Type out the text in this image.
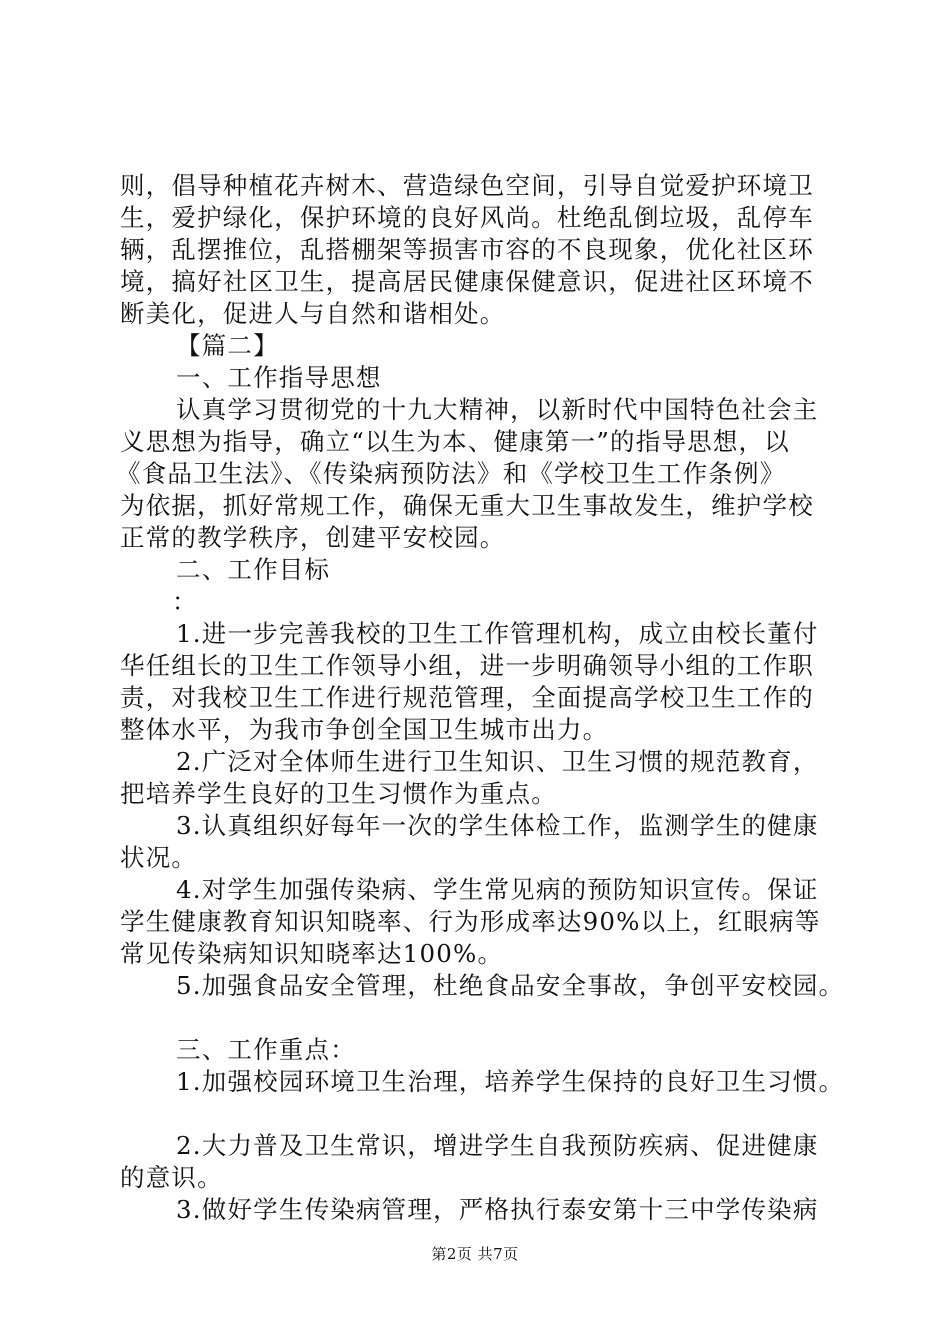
则，倡导种植花卉树木、营造绿色空间，引导自觉爱护环境卫
生，爱护绿化，保护环境的良好风尚。杜绝乱倒垃圾，乱停车
辆，乱摆推位，乱搭棚架等损害市容的不良现象，优化社区环
境，搞好社区卫生，提高居民健康保健意识，促进社区环境不
断美化，促进人与自然和谐相处。
【篇二】
一、工作指导思想
认真学习贯彻党的十九大精神，以新时代中国特色社会主
义思想为指导，确立“以生为本、健康第一”的指导思想，以
《食品卫生法》、《传染病预防法》和《学校卫生工作条例》
为依据，抓好常规工作，确保无重大卫生事故发生，维护学校
正常的教学秩序，创建平安校园。
二、工作目标
：
1.进一步完善我校的卫生工作管理机构，成立由校长董付
华任组长的卫生工作领导小组，进一步明确领导小组的工作职
责，对我校卫生工作进行规范管理，全面提高学校卫生工作的
整体水平，为我市争创全国卫生城市出力。
2.广泛对全体师生进行卫生知识、卫生习惯的规范教育，
把培养学生良好的卫生习惯作为重点。
3.认真组织好每年一次的学生体检工作，监测学生的健康
状况。
4.对学生加强传染病、学生常见病的预防知识宣传。保证
学生健康教育知识知晓率、行为形成率达90%以上，红眼病等
常见传染病知识知晓率达100%。
5.加强食品安全管理，杜绝食品安全事故，争创平安校园。
三、工作重点：
1.加强校园环境卫生治理，培养学生保持的良好卫生习惯。
2.大力普及卫生常识，增进学生自我预防疾病、促进健康
的意识。
3.做好学生传染病管理，严格执行泰安第十三中学传染病
第2页 共7页
